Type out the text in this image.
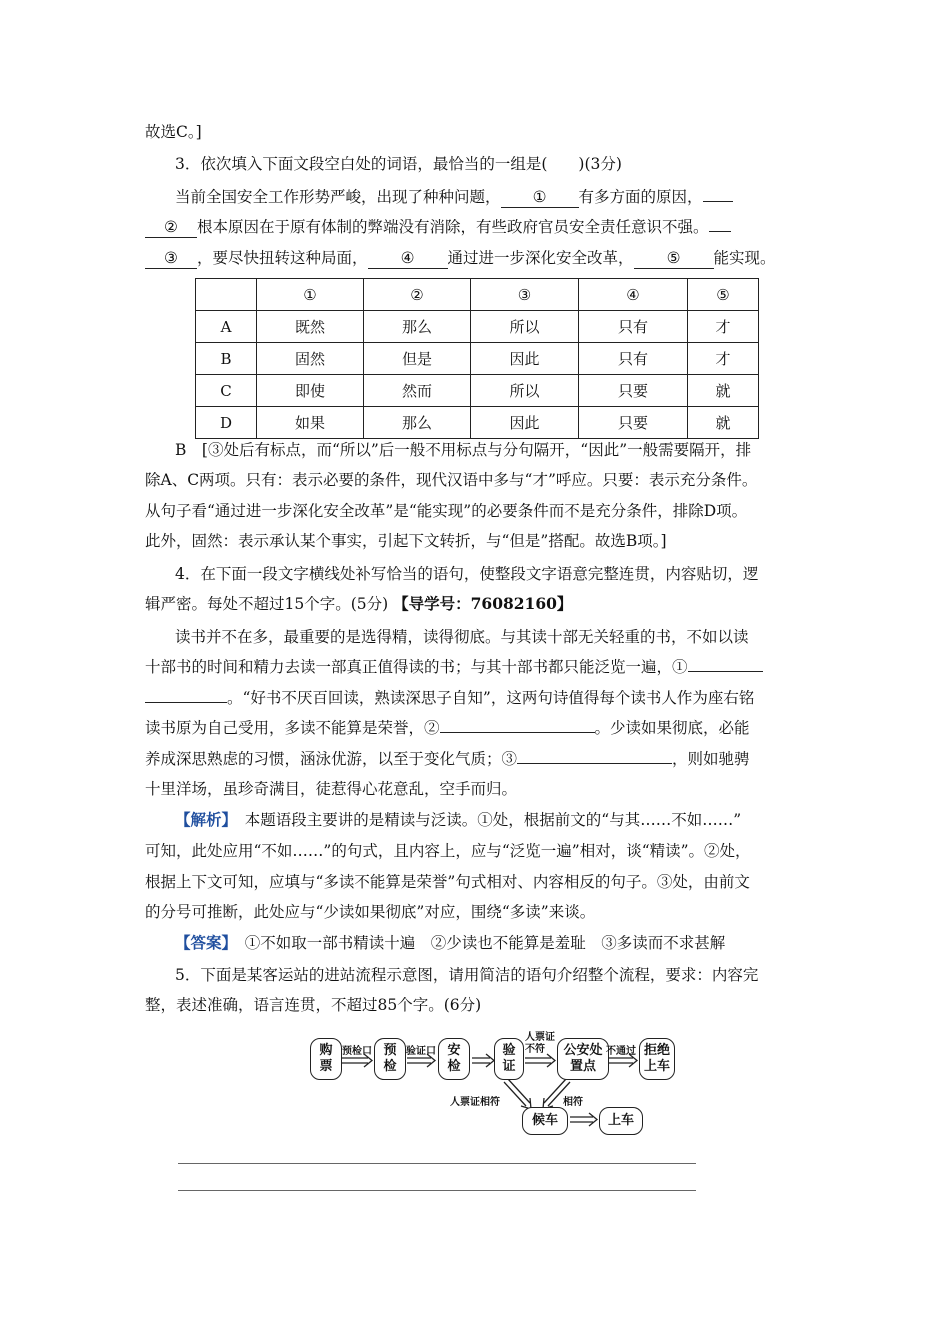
故选C。]
3．依次填入下面文段空白处的词语，最恰当的一组是(　　)(3分)
当前全国安全工作形势严峻，出现了种种问题， ① 有多方面的原因，
② 根本原因在于原有体制的弊端没有消除，有些政府官员安全责任意识不强。
③ ，要尽快扭转这种局面， ④ 通过进一步深化安全改革， ⑤ 能实现。
	①	②	③	④	⑤
A	既然	那么	所以	只有	才
B	固然	但是	因此	只有	才
C	即使	然而	所以	只要	就
D	如果	那么	因此	只要	就
B　[③处后有标点，而“所以”后一般不用标点与分句隔开，“因此”一般需要隔开，排
除A、C两项。只有：表示必要的条件，现代汉语中多与“才”呼应。只要：表示充分条件。
从句子看“通过进一步深化安全改革”是“能实现”的必要条件而不是充分条件，排除D项。
此外，固然：表示承认某个事实，引起下文转折，与“但是”搭配。故选B项。]
4．在下面一段文字横线处补写恰当的语句，使整段文字语意完整连贯，内容贴切，逻
辑严密。每处不超过15个字。(5分) 【导学号：76082160】
读书并不在多，最重要的是选得精，读得彻底。与其读十部无关轻重的书，不如以读
十部书的时间和精力去读一部真正值得读的书；与其十部书都只能泛览一遍，①
。“好书不厌百回读，熟读深思子自知”，这两句诗值得每个读书人作为座右铭
读书原为自己受用，多读不能算是荣誉，②	。少读如果彻底，必能
养成深思熟虑的习惯，涵泳优游，以至于变化气质；③	，则如驰骋
十里洋场，虽珍奇满目，徒惹得心花意乱，空手而归。
【解析】　 本题语段主要讲的是精读与泛读。①处，根据前文的“与其……不如……”
可知，此处应用“不如……”的句式，且内容上，应与“泛览一遍”相对，谈“精读”。②处，
根据上下文可知，应填与“多读不能算是荣誉”句式相对、内容相反的句子。③处，由前文
的分号可推断，此处应与“少读如果彻底”对应，围绕“多读”来谈。
【答案】　 ①不如取一部书精读十遍　②少读也不能算是羞耻　③多读而不求甚解
5．下面是某客运站的进站流程示意图，请用简洁的语句介绍整个流程，要求：内容完
整，表述准确，语言连贯，不超过85个字。(6分)
购
票
预
检
安
检
验
证
公安处
置点
拒绝
上车
候车	上车
预检口	验证口
人票证
不符	不通过
人票证相符	相符
